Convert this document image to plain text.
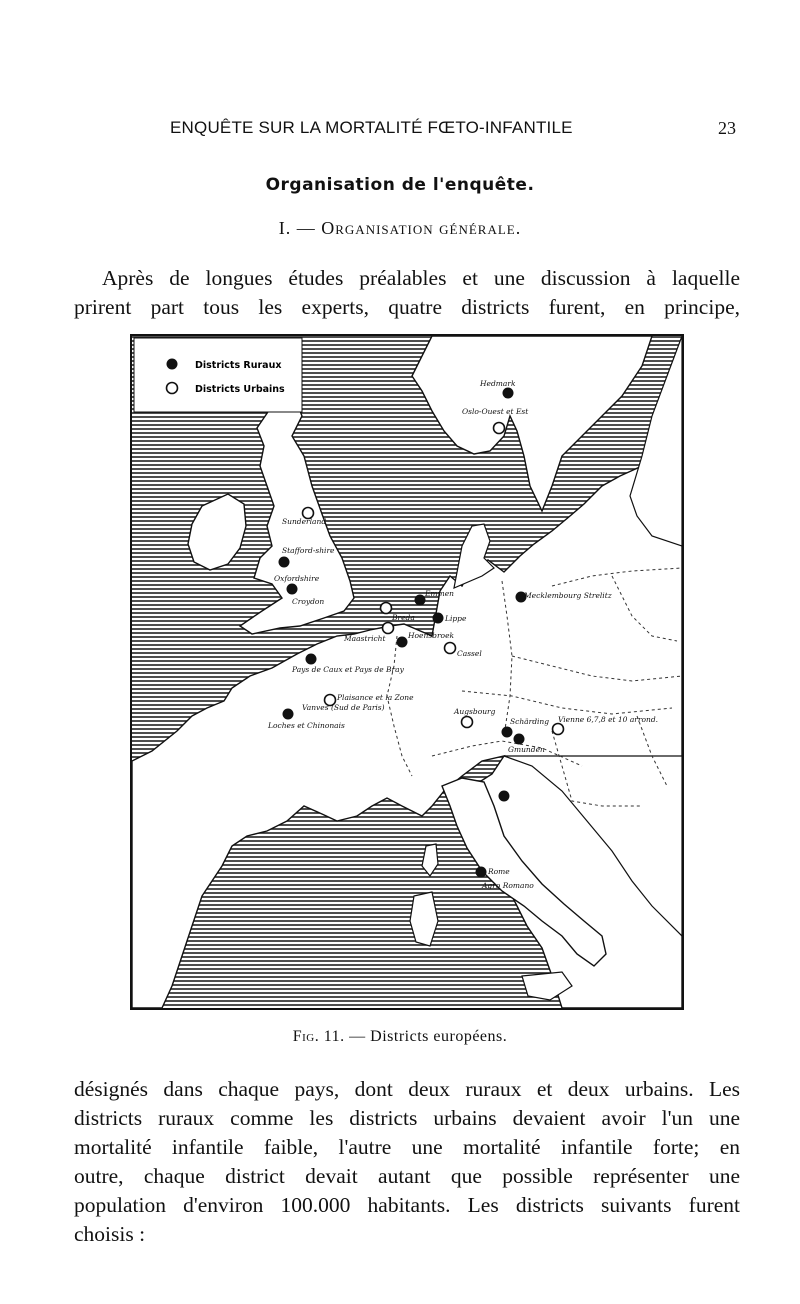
ENQUÊTE SUR LA MORTALITÉ FŒTO-INFANTILE	23
Organisation de l'enquête.
I. — Organisation générale.
Après de longues études préalables et une discussion à laquelle
prirent part tous les experts, quatre districts furent, en principe,
Districts Ruraux
Districts Urbains
Hedmark
Oslo-Ouest et Est
Sunderland
Stafford-shire
Oxfordshire
Croydon
Emmen
Lippe
Mecklembourg Strelitz
Breda
Maastricht	Hoensbroek
Cassel
Pays de Caux et Pays de Bray
Plaisance et la Zone
Vanves (Sud de Paris)
Loches et Chinonais
Augsbourg
Schärding Vienne 6,7,8 et 10 arrond.
Gmunden
Rome
Agro Romano
Fig. 11. — Districts européens.
désignés dans chaque pays, dont deux ruraux et deux urbains. Les
districts ruraux comme les districts urbains devaient avoir l'un une
mortalité infantile faible, l'autre une mortalité infantile forte; en
outre, chaque district devait autant que possible représenter une
population d'environ 100.000 habitants. Les districts suivants furent
choisis :
